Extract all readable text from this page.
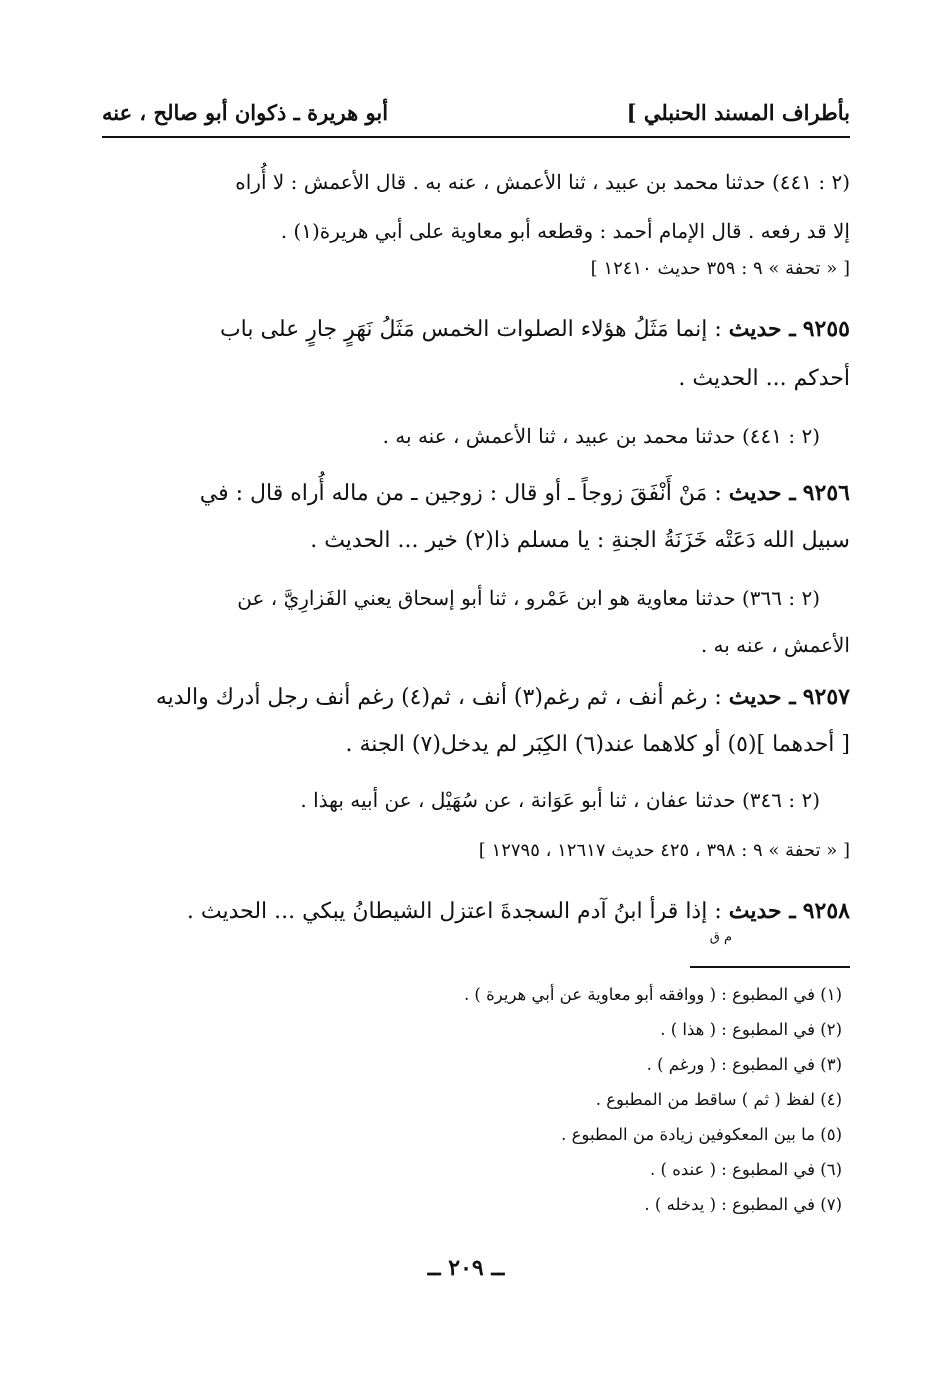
بأطراف المسند الحنبلي ]
أبو هريرة ـ ذكوان أبو صالح ، عنه
(٢ : ٤٤١) حدثنا محمد بن عبيد ، ثنا الأعمش ، عنه به . قال الأعمش : لا أُراه
إلا قد رفعه . قال الإمام أحمد : وقطعه أبو معاوية على أبي هريرة(١) .
[ « تحفة » ٩ : ٣٥٩ حديث ١٢٤١٠ ]
٩٢٥٥ ـ حديث : إنما مَثَلُ هؤلاء الصلوات الخمس مَثَلُ نَهَرٍ جارٍ على باب
أحدكم ... الحديث .
(٢ : ٤٤١) حدثنا محمد بن عبيد ، ثنا الأعمش ، عنه به .
٩٢٥٦ ـ حديث : مَنْ أَنْفَقَ زوجاً ـ أو قال : زوجين ـ من ماله أُراه قال : في
سبيل الله دَعَتْه خَزَنَةُ الجنةِ : يا مسلم ذا(٢) خير ... الحديث .
(٢ : ٣٦٦) حدثنا معاوية هو ابن عَمْرو ، ثنا أبو إسحاق يعني الفَزارِيَّ ، عن
الأعمش ، عنه به .
٩٢٥٧ ـ حديث : رغم أنف ، ثم رغم(٣) أنف ، ثم(٤) رغم أنف رجل أدرك والديه
[ أحدهما ](٥) أو كلاهما عند(٦) الكِبَر لم يدخل(٧) الجنة .
(٢ : ٣٤٦) حدثنا عفان ، ثنا أبو عَوَانة ، عن سُهَيْل ، عن أبيه بهذا .
[ « تحفة » ٩ : ٣٩٨ ، ٤٢٥ حديث ١٢٦١٧ ، ١٢٧٩٥ ]
٩٢٥٨ ـ حديث : إذا قرأ ابنُ آدم السجدةَ اعتزل الشيطانُ يبكي ... الحديث .
م ق
(١) في المطبوع : ( ووافقه أبو معاوية عن أبي هريرة ) .
(٢) في المطبوع : ( هذا ) .
(٣) في المطبوع : ( ورغم ) .
(٤) لفظ ( ثم ) ساقط من المطبوع .
(٥) ما بين المعكوفين زيادة من المطبوع .
(٦) في المطبوع : ( عنده ) .
(٧) في المطبوع : ( يدخله ) .
ــ ٢٠٩ ــ
